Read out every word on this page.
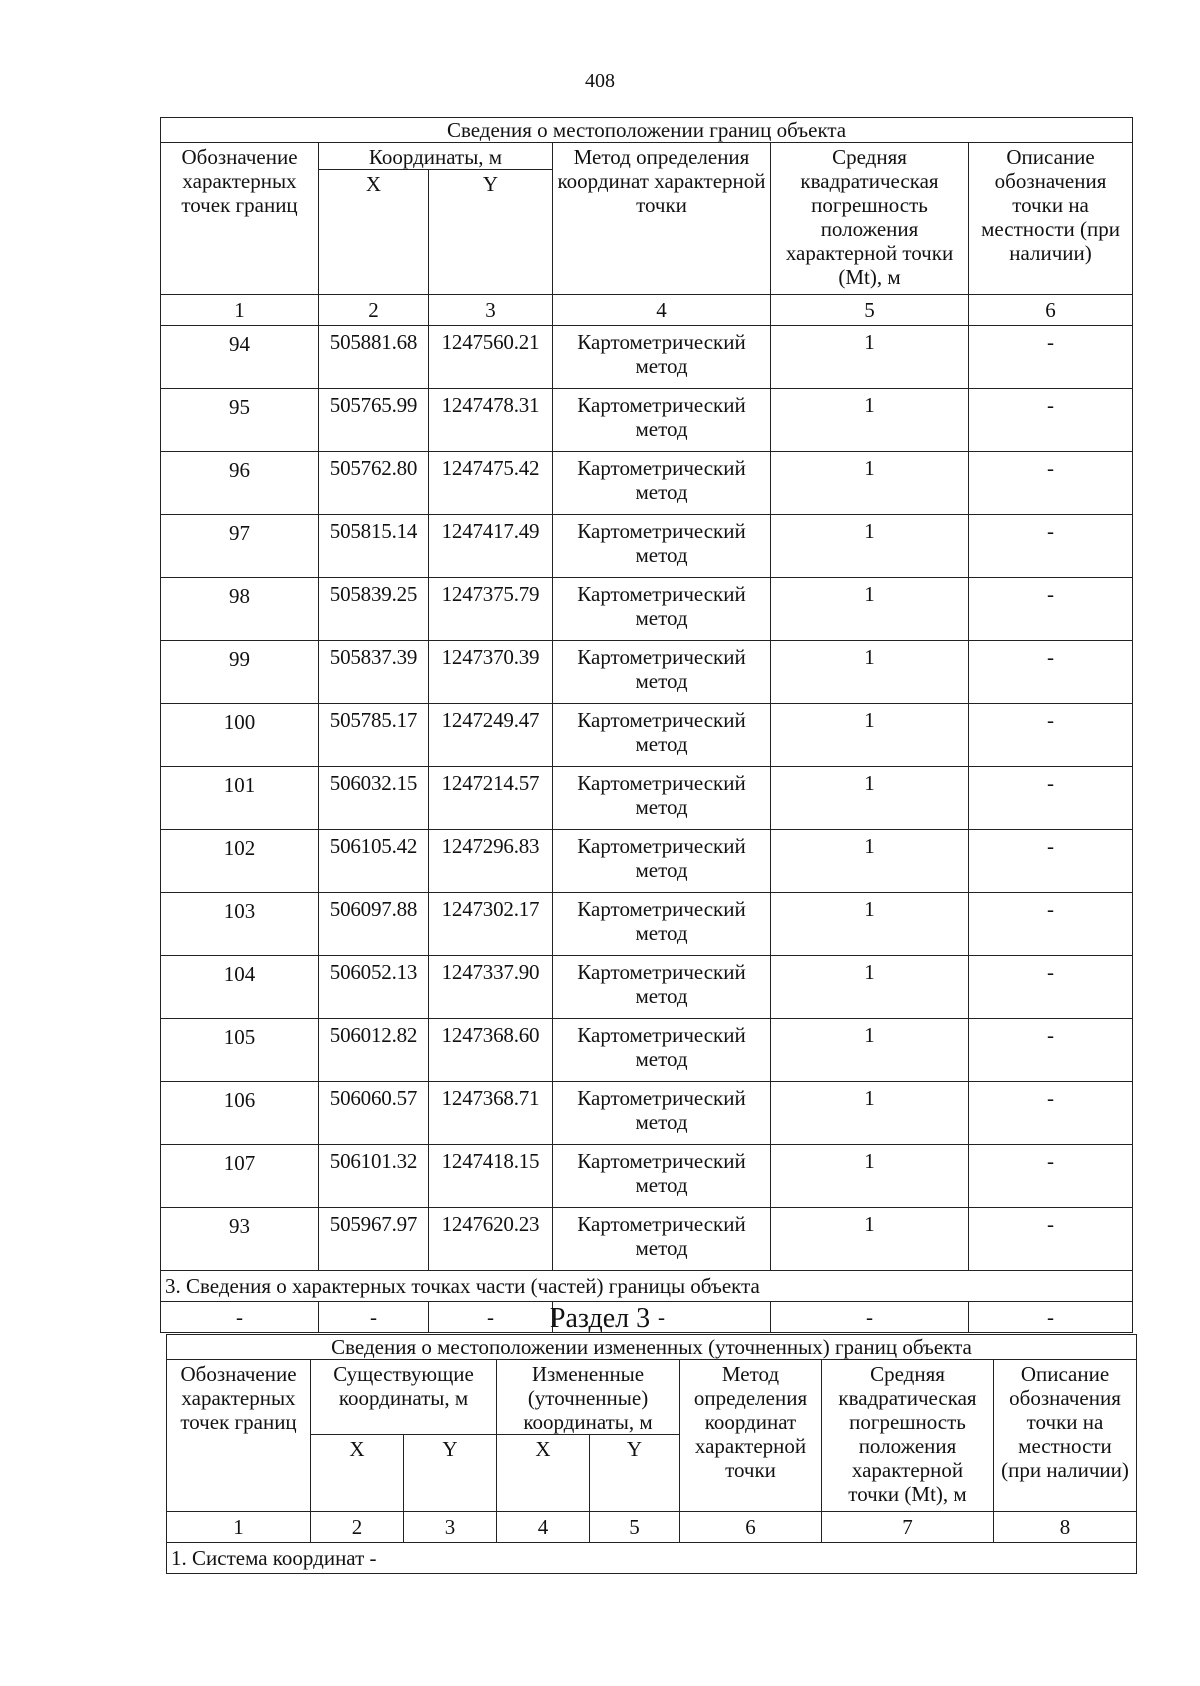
408
Сведения о местоположении границ объекта					
Обозначение характерных точек границ	Координаты, м		Метод определения координат характерной точки	Средняя квадратическая погрешность положения характерной точки (Mt), м	Описание обозначения точки на местности (при наличии)
	X	Y			
1	2	3	4	5	6
94	505881.68	1247560.21	Картометрический метод	1	-
95	505765.99	1247478.31	Картометрический метод	1	-
96	505762.80	1247475.42	Картометрический метод	1	-
97	505815.14	1247417.49	Картометрический метод	1	-
98	505839.25	1247375.79	Картометрический метод	1	-
99	505837.39	1247370.39	Картометрический метод	1	-
100	505785.17	1247249.47	Картометрический метод	1	-
101	506032.15	1247214.57	Картометрический метод	1	-
102	506105.42	1247296.83	Картометрический метод	1	-
103	506097.88	1247302.17	Картометрический метод	1	-
104	506052.13	1247337.90	Картометрический метод	1	-
105	506012.82	1247368.60	Картометрический метод	1	-
106	506060.57	1247368.71	Картометрический метод	1	-
107	506101.32	1247418.15	Картометрический метод	1	-
93	505967.97	1247620.23	Картометрический метод	1	-
3. Сведения о характерных точках части (частей) границы объекта					
-	-	-	-	-	-
Раздел 3
Сведения о местоположении измененных (уточненных) границ объекта							
Обозначение характерных точек границ	Существующие координаты, м		Измененные (уточненные) координаты, м		Метод определения координат характерной точки	Средняя квадратическая погрешность положения характерной точки (Mt), м	Описание обозначения точки на местности (при наличии)
	X	Y	X	Y			
1	2	3	4	5	6	7	8
1. Система координат -							
